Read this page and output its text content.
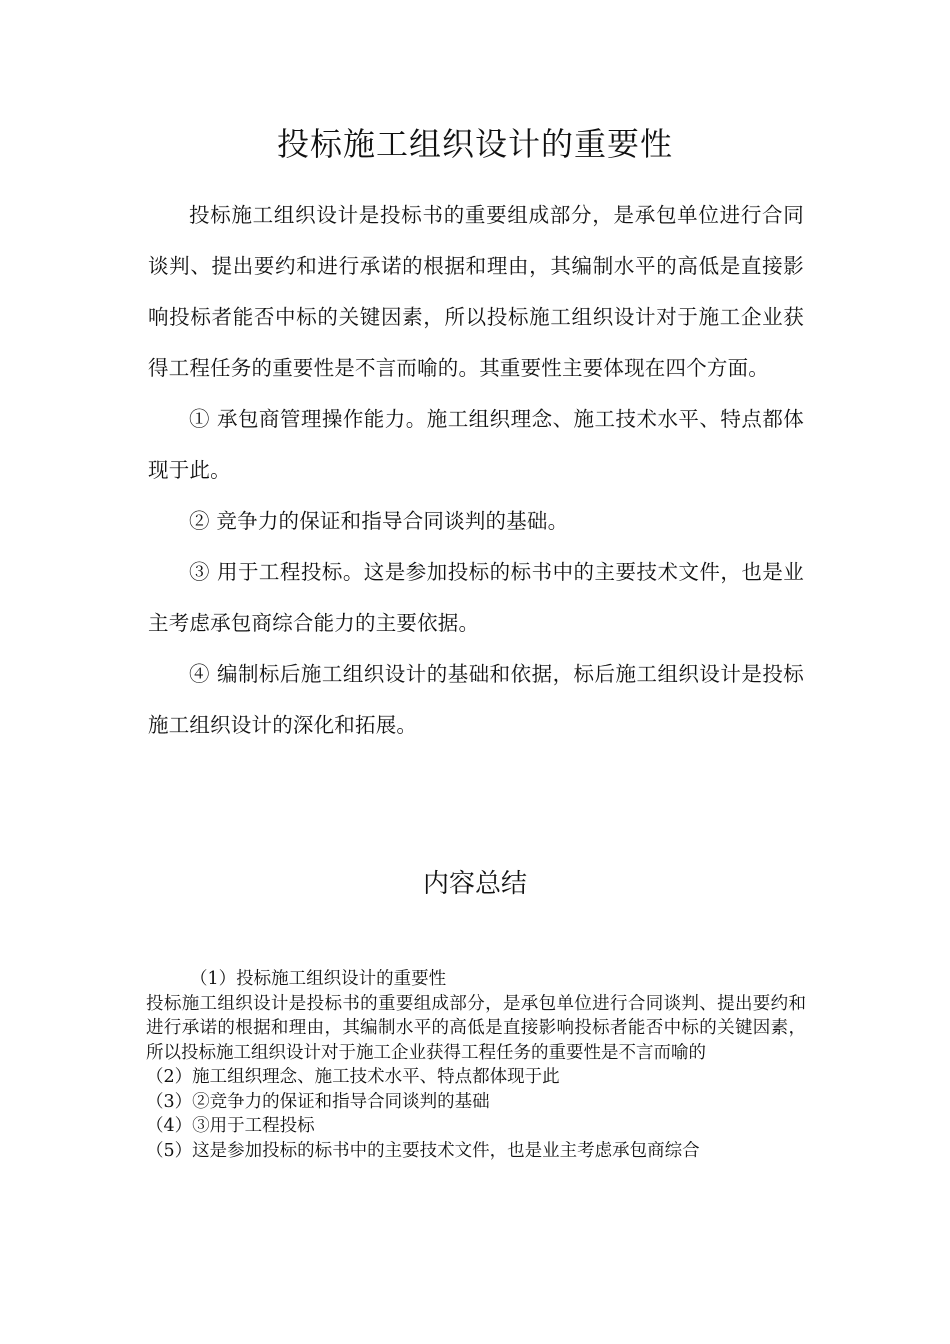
投标施工组织设计的重要性

投标施工组织设计是投标书的重要组成部分，是承包单位进行合同谈判、提出要约和进行承诺的根据和理由，其编制水平的高低是直接影响投标者能否中标的关键因素，所以投标施工组织设计对于施工企业获得工程任务的重要性是不言而喻的。其重要性主要体现在四个方面。

① 承包商管理操作能力。施工组织理念、施工技术水平、特点都体现于此。

② 竞争力的保证和指导合同谈判的基础。

③ 用于工程投标。这是参加投标的标书中的主要技术文件，也是业主考虑承包商综合能力的主要依据。

④ 编制标后施工组织设计的基础和依据，标后施工组织设计是投标施工组织设计的深化和拓展。

内容总结

（1）投标施工组织设计的重要性

投标施工组织设计是投标书的重要组成部分，是承包单位进行合同谈判、提出要约和进行承诺的根据和理由，其编制水平的高低是直接影响投标者能否中标的关键因素，所以投标施工组织设计对于施工企业获得工程任务的重要性是不言而喻的

（2）施工组织理念、施工技术水平、特点都体现于此

（3）②竞争力的保证和指导合同谈判的基础

（4）③用于工程投标

（5）这是参加投标的标书中的主要技术文件，也是业主考虑承包商综合
